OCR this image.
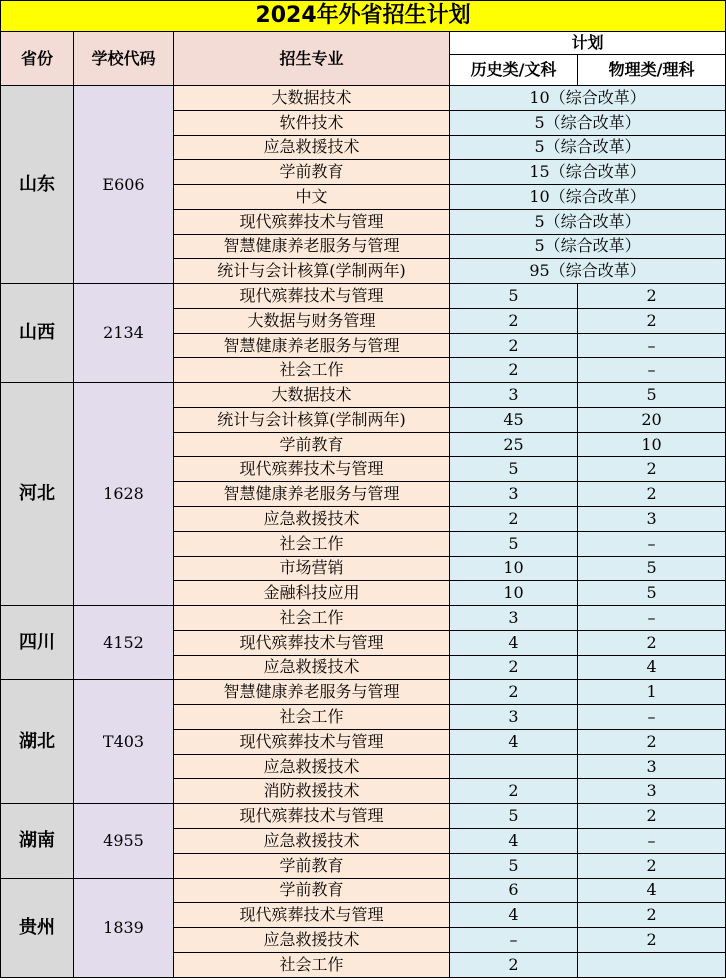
2024年外省招生计划				
省份	学校代码	招生专业	计划	
			历史类/文科	物理类/理科
山东	E606	大数据技术	10（综合改革）	
		软件技术	5（综合改革）	
		应急救援技术	5（综合改革）	
		学前教育	15（综合改革）	
		中文	10（综合改革）	
		现代殡葬技术与管理	5（综合改革）	
		智慧健康养老服务与管理	5（综合改革）	
		统计与会计核算(学制两年)	95（综合改革）	
山西	2134	现代殡葬技术与管理	5	2
		大数据与财务管理	2	2
		智慧健康养老服务与管理	2	–
		社会工作	2	–
河北	1628	大数据技术	3	5
		统计与会计核算(学制两年)	45	20
		学前教育	25	10
		现代殡葬技术与管理	5	2
		智慧健康养老服务与管理	3	2
		应急救援技术	2	3
		社会工作	5	–
		市场营销	10	5
		金融科技应用	10	5
四川	4152	社会工作	3	–
		现代殡葬技术与管理	4	2
		应急救援技术	2	4
湖北	T403	智慧健康养老服务与管理	2	1
		社会工作	3	–
		现代殡葬技术与管理	4	2
		应急救援技术		3
		消防救援技术	2	3
湖南	4955	现代殡葬技术与管理	5	2
		应急救援技术	4	–
		学前教育	5	2
贵州	1839	学前教育	6	4
		现代殡葬技术与管理	4	2
		应急救援技术	–	2
		社会工作	2	
